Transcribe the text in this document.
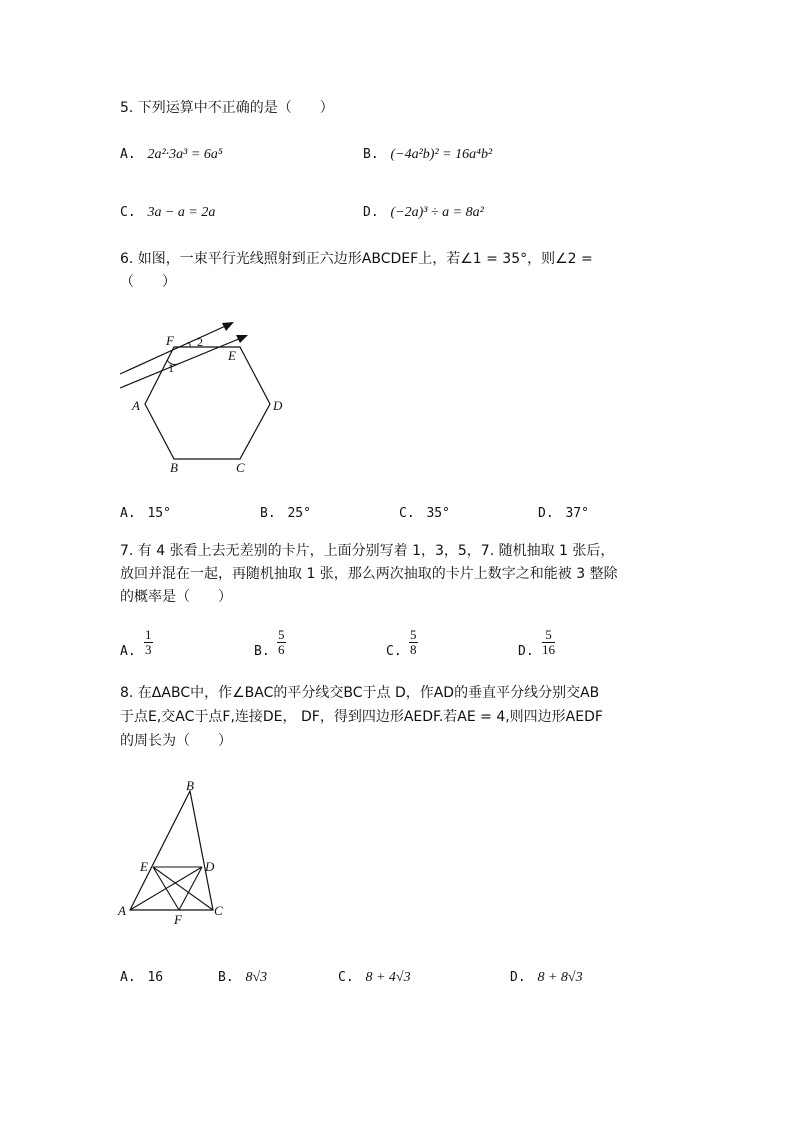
5. 下列运算中不正确的是（　　）
A. 2a²·3a³ = 6a⁵	B. (−4a²b)² = 16a⁴b²
C. 3a − a = 2a	D. (−2a)³ ÷ a = 8a²
6. 如图，一束平行光线照射到正六边形ABCDEF上，若∠1 = 35°，则∠2 =
（　　）
F
E
A	D
B	C
1
2
A. 15°	B. 25°	C. 35°	D. 37°
7. 有 4 张看上去无差别的卡片，上面分别写着 1，3，5，7. 随机抽取 1 张后，
放回并混在一起，再随机抽取 1 张，那么两次抽取的卡片上数字之和能被 3 整除
的概率是（　　）
A. $\frac{1}{3}$	B. $\frac{5}{6}$	C. $\frac{5}{8}$	D. $\frac{5}{16}$
8. 在ΔABC中，作∠BAC的平分线交BC于点 D，作AD的垂直平分线分别交AB
于点E,交AC于点F,连接DE， DF，得到四边形AEDF.若AE = 4,则四边形AEDF
的周长为（　　）
B
E	D
A
F
C
A. 16	B. 8√3	C. 8 + 4√3	D. 8 + 8√3
